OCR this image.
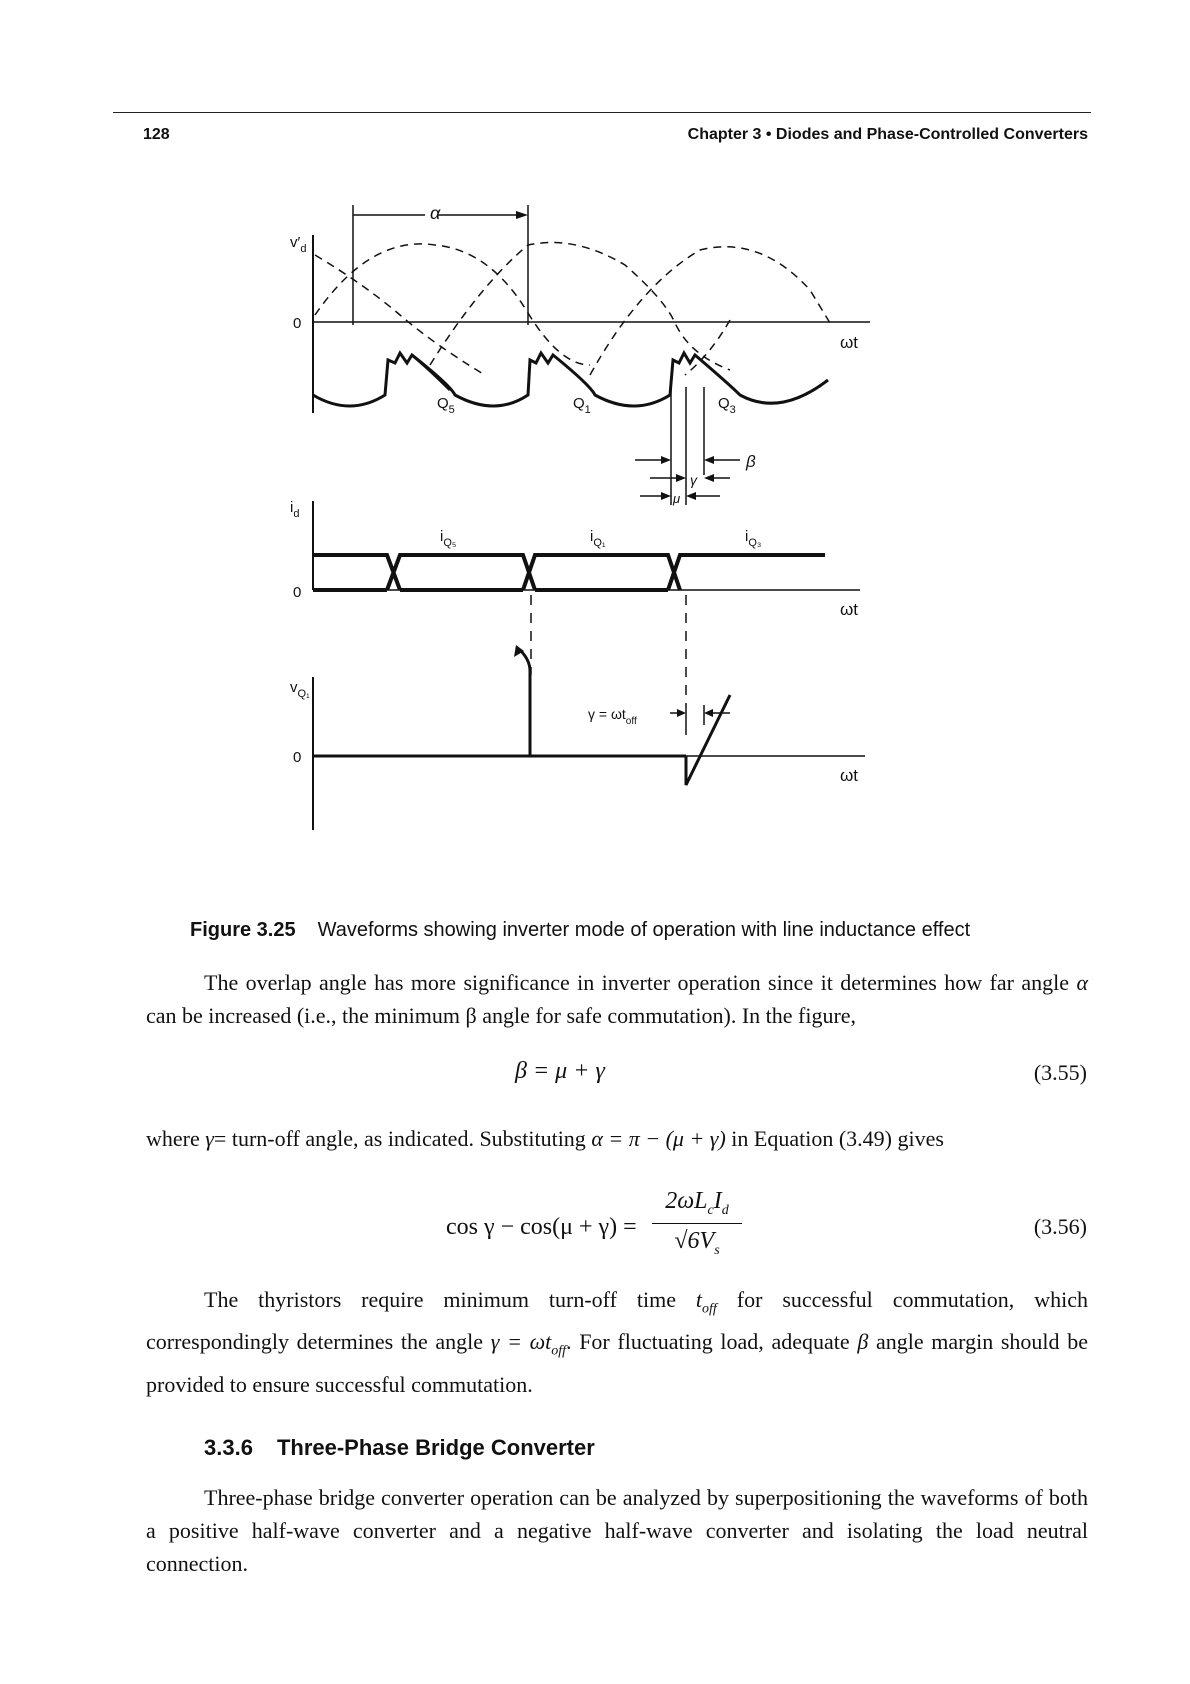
128	Chapter 3 • Diodes and Phase-Controlled Converters
α
$v'_d$
0
ωt
$Q_5$	$Q_1$	$Q_3$
β
γ
μ
$i_d$
0
ωt
$i_{Q_5}$	$i_{Q_1}$	$i_{Q_3}$
$v_{Q_1}$
0
ωt
$\gamma = \omega t_{off}$
Figure 3.25 Waveforms showing inverter mode of operation with line inductance effect
The overlap angle has more significance in inverter operation since it determines how far angle α can be increased (i.e., the minimum β angle for safe commutation). In the figure,
β = μ + γ	(3.55)
where γ= turn-off angle, as indicated. Substituting α = π − (μ + γ) in Equation (3.49) gives
cos γ − cos(μ + γ) =
$2\omega L_cI_d$
$√6V_s$
(3.56)
The thyristors require minimum turn-off time $t_{off}$ for successful commutation, which correspondingly determines the angle $\gamma = \omega t_{off}$. For fluctuating load, adequate β angle margin should be provided to ensure successful commutation.
3.3.6 Three-Phase Bridge Converter
Three-phase bridge converter operation can be analyzed by superpositioning the waveforms of both a positive half-wave converter and a negative half-wave converter and isolating the load neutral connection.
